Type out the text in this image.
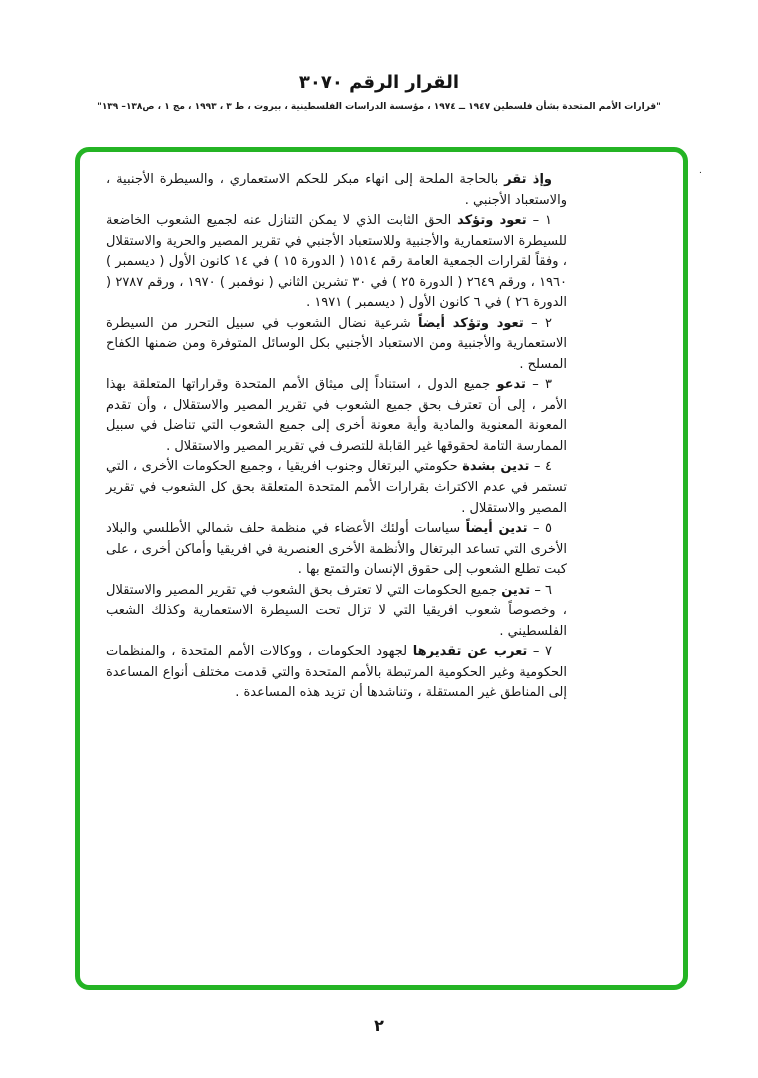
القرار الرقم ٣٠٧٠
"قرارات الأمم المتحدة بشأن فلسطين ١٩٤٧ ــ ١٩٧٤ ، مؤسسة الدراسات الفلسطينية ، بيروت ، ط ٣ ، ١٩٩٣ ، مج ١ ، ص١٣٨– ١٣٩"
٠

وإذ تقر بالحاجة الملحة إلى انهاء مبكر للحكم الاستعماري ، والسيطرة الأجنبية ، والاستعباد الأجنبي .

١ – تعود وتؤكد الحق الثابت الذي لا يمكن التنازل عنه لجميع الشعوب الخاضعة للسيطرة الاستعمارية والأجنبية وللاستعباد الأجنبي في تقرير المصير والحرية والاستقلال ، وفقاً لقرارات الجمعية العامة رقم ١٥١٤ ( الدورة ١٥ ) في ١٤ كانون الأول ( ديسمبر ) ١٩٦٠ ، ورقم ٢٦٤٩ ( الدورة ٢٥ ) في ٣٠ تشرين الثاني ( نوفمبر ) ١٩٧٠ ، ورقم ٢٧٨٧ ( الدورة ٢٦ ) في ٦ كانون الأول ( ديسمبر ) ١٩٧١ .

٢ – تعود وتؤكد أيضاً شرعية نضال الشعوب في سبيل التحرر من السيطرة الاستعمارية والأجنبية ومن الاستعباد الأجنبي بكل الوسائل المتوفرة ومن ضمنها الكفاح المسلح .

٣ – تدعو جميع الدول ، استناداً إلى ميثاق الأمم المتحدة وقراراتها المتعلقة بهذا الأمر ، إلى أن تعترف بحق جميع الشعوب في تقرير المصير والاستقلال ، وأن تقدم المعونة المعنوية والمادية وأية معونة أخرى إلى جميع الشعوب التي تناضل في سبيل الممارسة التامة لحقوقها غير القابلة للتصرف في تقرير المصير والاستقلال .

٤ – تدين بشدة حكومتي البرتغال وجنوب افريقيا ، وجميع الحكومات الأخرى ، التي تستمر في عدم الاكتراث بقرارات الأمم المتحدة المتعلقة بحق كل الشعوب في تقرير المصير والاستقلال .

٥ – تدين أيضاً سياسات أولئك الأعضاء في منظمة حلف شمالي الأطلسي والبلاد الأخرى التي تساعد البرتغال والأنظمة الأخرى العنصرية في افريقيا وأماكن أخرى ، على كبت تطلع الشعوب إلى حقوق الإنسان والتمتع بها .

٦ – تدين جميع الحكومات التي لا تعترف بحق الشعوب في تقرير المصير والاستقلال ، وخصوصاً شعوب افريقيا التي لا تزال تحت السيطرة الاستعمارية وكذلك الشعب الفلسطيني .

٧ – تعرب عن تقديرها لجهود الحكومات ، ووكالات الأمم المتحدة ، والمنظمات الحكومية وغير الحكومية المرتبطة بالأمم المتحدة والتي قدمت مختلف أنواع المساعدة إلى المناطق غير المستقلة ، وتناشدها أن تزيد هذه المساعدة .

٢
